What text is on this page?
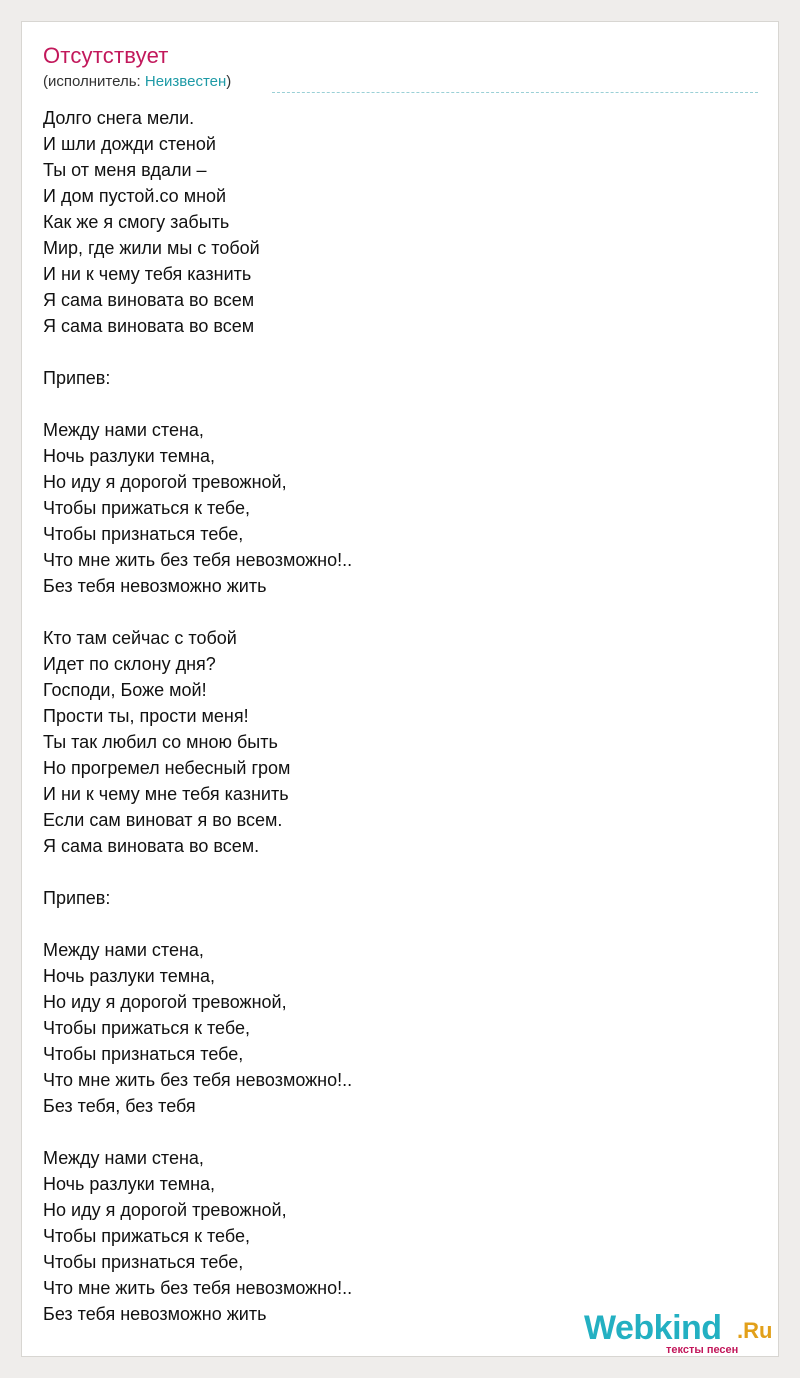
Отсутствует
(исполнитель: Неизвестен)
Долго снега мели.
И шли дожди стеной
Ты от меня вдали –
И дом пустой.со мной
Как же я смогу забыть
Мир, где жили мы с тобой
И ни к чему тебя казнить
Я сама виновата во всем
Я сама виновата во всем
Припев:
Между нами стена,
Ночь разлуки темна,
Но иду я дорогой тревожной,
Чтобы прижаться к тебе,
Чтобы признаться тебе,
Что мне жить без тебя невозможно!..
Без тебя невозможно жить
Кто там сейчас с тобой
Идет по склону дня?
Господи, Боже мой!
Прости ты, прости меня!
Ты так любил со мною быть
Но прогремел небесный гром
И ни к чему мне тебя казнить
Если сам виноват я во всем.
Я сама виновата во всем.
Припев:
Между нами стена,
Ночь разлуки темна,
Но иду я дорогой тревожной,
Чтобы прижаться к тебе,
Чтобы признаться тебе,
Что мне жить без тебя невозможно!..
Без тебя, без тебя
Между нами стена,
Ночь разлуки темна,
Но иду я дорогой тревожной,
Чтобы прижаться к тебе,
Чтобы признаться тебе,
Что мне жить без тебя невозможно!..
Без тебя невозможно жить	Webkind .Ru
тексты песен
